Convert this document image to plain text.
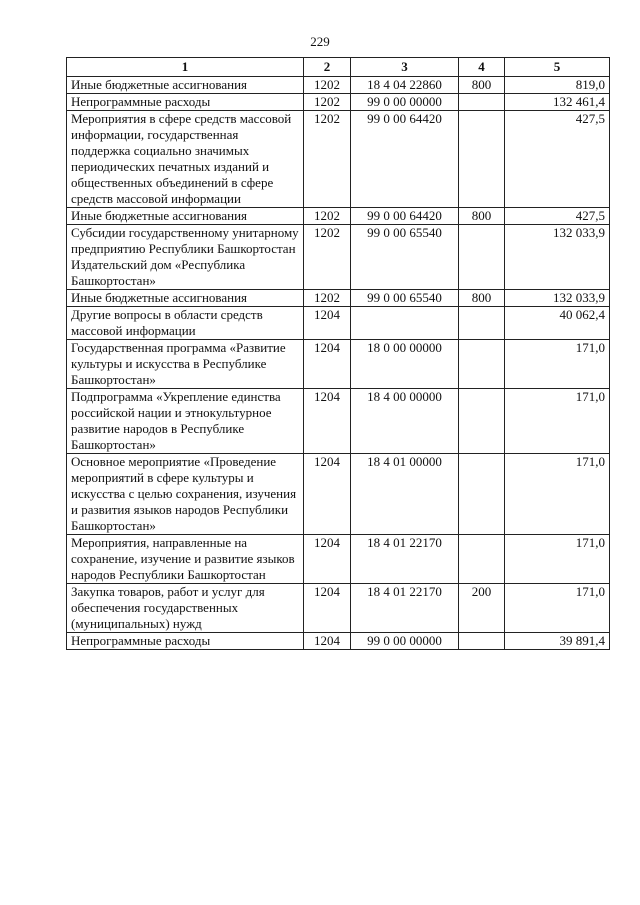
229
1	2	3	4	5
Иные бюджетные ассигнования	1202	18 4 04 22860	800	819,0
Непрограммные расходы	1202	99 0 00 00000		132 461,4
Мероприятия в сфере средств массовой информации, государственная поддержка социально значимых периодических печатных изданий и общественных объединений в сфере средств массовой информации	1202	99 0 00 64420		427,5
Иные бюджетные ассигнования	1202	99 0 00 64420	800	427,5
Субсидии государственному унитарному предприятию Республики Башкортостан Издательский дом «Республика Башкортостан»	1202	99 0 00 65540		132 033,9
Иные бюджетные ассигнования	1202	99 0 00 65540	800	132 033,9
Другие вопросы в области средств массовой информации	1204			40 062,4
Государственная программа «Развитие культуры и искусства в Республике Башкортостан»	1204	18 0 00 00000		171,0
Подпрограмма «Укрепление единства российской нации и этнокультурное развитие народов в Республике Башкортостан»	1204	18 4 00 00000		171,0
Основное мероприятие «Проведение мероприятий в сфере культуры и искусства с целью сохранения, изучения и развития языков народов Республики Башкортостан»	1204	18 4 01 00000		171,0
Мероприятия, направленные на сохранение, изучение и развитие языков народов Республики Башкортостан	1204	18 4 01 22170		171,0
Закупка товаров, работ и услуг для обеспечения государственных (муниципальных) нужд	1204	18 4 01 22170	200	171,0
Непрограммные расходы	1204	99 0 00 00000		39 891,4
